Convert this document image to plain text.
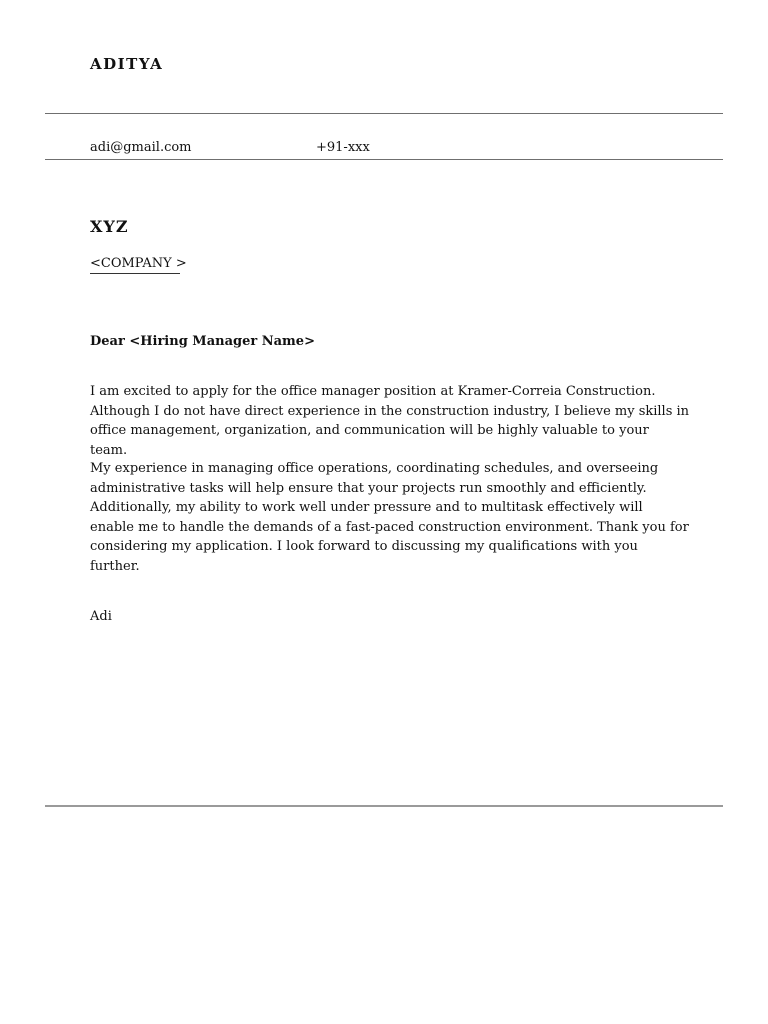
ADITYA
adi@gmail.com	+91-xxx
XYZ
<COMPANY >
Dear <Hiring Manager Name>

I am excited to apply for the office manager position at Kramer-Correia Construction. Although I do not have direct experience in the construction industry, I believe my skills in office management, organization, and communication will be highly valuable to your team.

My experience in managing office operations, coordinating schedules, and overseeing administrative tasks will help ensure that your projects run smoothly and efficiently. Additionally, my ability to work well under pressure and to multitask effectively will enable me to handle the demands of a fast-paced construction environment. Thank you for considering my application. I look forward to discussing my qualifications with you further.

Adi
